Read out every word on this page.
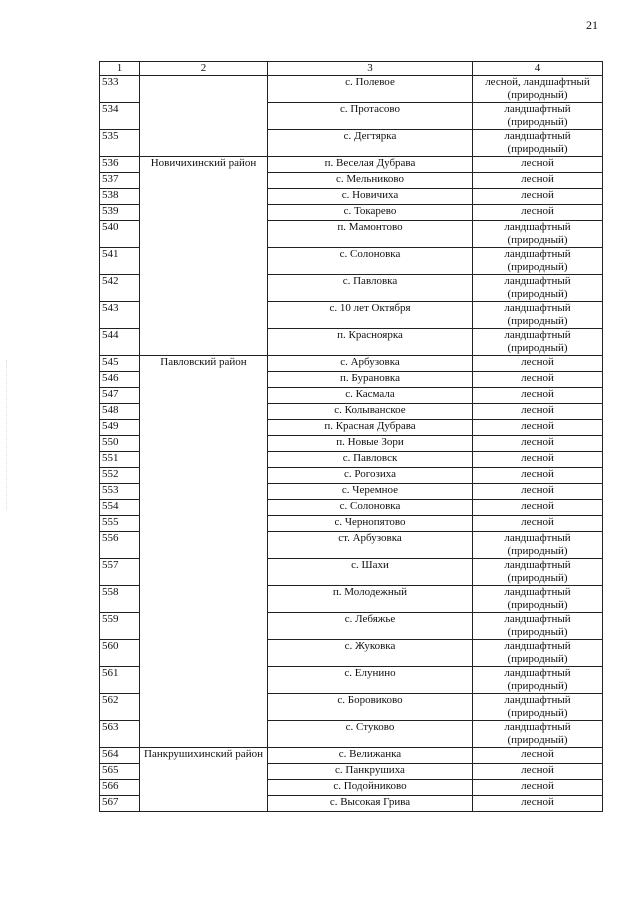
21
1	2	3	4
533		с. Полевое	лесной, ландшафтный (природный)
534		с. Протасово	ландшафтный (природный)
535		с. Дегтярка	ландшафтный (природный)
536	Новичихинский район	п. Веселая Дубрава	лесной
537		с. Мельниково	лесной
538		с. Новичиха	лесной
539		с. Токарево	лесной
540		п. Мамонтово	ландшафтный (природный)
541		с. Солоновка	ландшафтный (природный)
542		с. Павловка	ландшафтный (природный)
543		с. 10 лет Октября	ландшафтный (природный)
544		п. Красноярка	ландшафтный (природный)
545	Павловский район	с. Арбузовка	лесной
546		п. Бурановка	лесной
547		с. Касмала	лесной
548		с. Колыванское	лесной
549		п. Красная Дубрава	лесной
550		п. Новые Зори	лесной
551		с. Павловск	лесной
552		с. Рогозиха	лесной
553		с. Черемное	лесной
554		с. Солоновка	лесной
555		с. Чернопятово	лесной
556		ст. Арбузовка	ландшафтный (природный)
557		с. Шахи	ландшафтный (природный)
558		п. Молодежный	ландшафтный (природный)
559		с. Лебяжье	ландшафтный (природный)
560		с. Жуковка	ландшафтный (природный)
561		с. Елунино	ландшафтный (природный)
562		с. Боровиково	ландшафтный (природный)
563		с. Стуково	ландшафтный (природный)
564	Панкрушихинский район	с. Велижанка	лесной
565		с. Панкрушиха	лесной
566		с. Подойниково	лесной
567		с. Высокая Грива	лесной
